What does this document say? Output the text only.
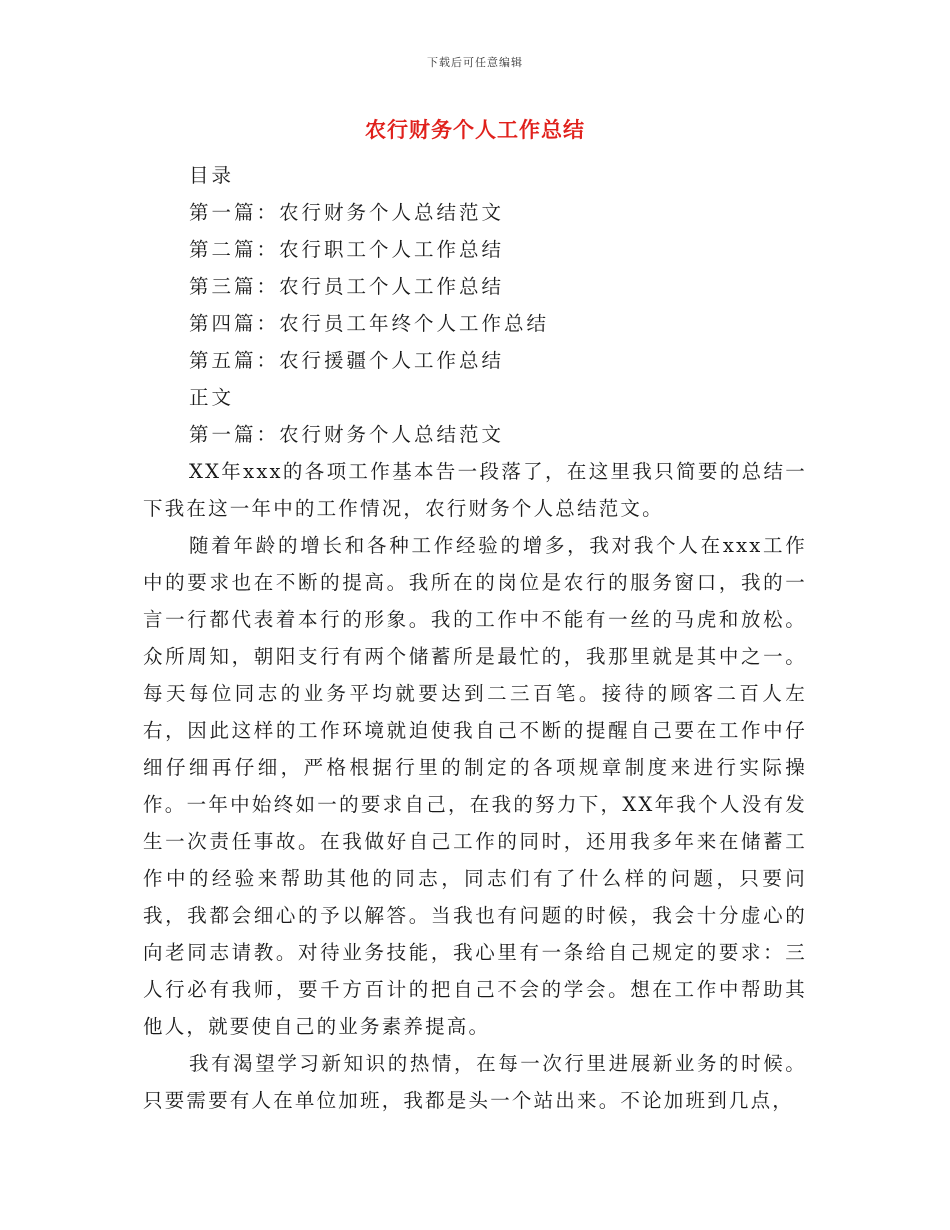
下载后可任意编辑
农行财务个人工作总结
目录
第一篇：农行财务个人总结范文
第二篇：农行职工个人工作总结
第三篇：农行员工个人工作总结
第四篇：农行员工年终个人工作总结
第五篇：农行援疆个人工作总结
正文
第一篇：农行财务个人总结范文

XX年xxx的各项工作基本告一段落了，在这里我只简要的总结一下我在这一年中的工作情况，农行财务个人总结范文。

随着年龄的增长和各种工作经验的增多，我对我个人在xxx工作中的要求也在不断的提高。我所在的岗位是农行的服务窗口，我的一言一行都代表着本行的形象。我的工作中不能有一丝的马虎和放松。众所周知，朝阳支行有两个储蓄所是最忙的，我那里就是其中之一。每天每位同志的业务平均就要达到二三百笔。接待的顾客二百人左右，因此这样的工作环境就迫使我自己不断的提醒自己要在工作中仔细仔细再仔细，严格根据行里的制定的各项规章制度来进行实际操作。一年中始终如一的要求自己，在我的努力下，XX年我个人没有发生一次责任事故。在我做好自己工作的同时，还用我多年来在储蓄工作中的经验来帮助其他的同志，同志们有了什么样的问题，只要问我，我都会细心的予以解答。当我也有问题的时候，我会十分虚心的向老同志请教。对待业务技能，我心里有一条给自己规定的要求：三人行必有我师，要千方百计的把自己不会的学会。想在工作中帮助其他人，就要使自己的业务素养提高。

我有渴望学习新知识的热情，在每一次行里进展新业务的时候。只要需要有人在单位加班，我都是头一个站出来。不论加班到几点，
